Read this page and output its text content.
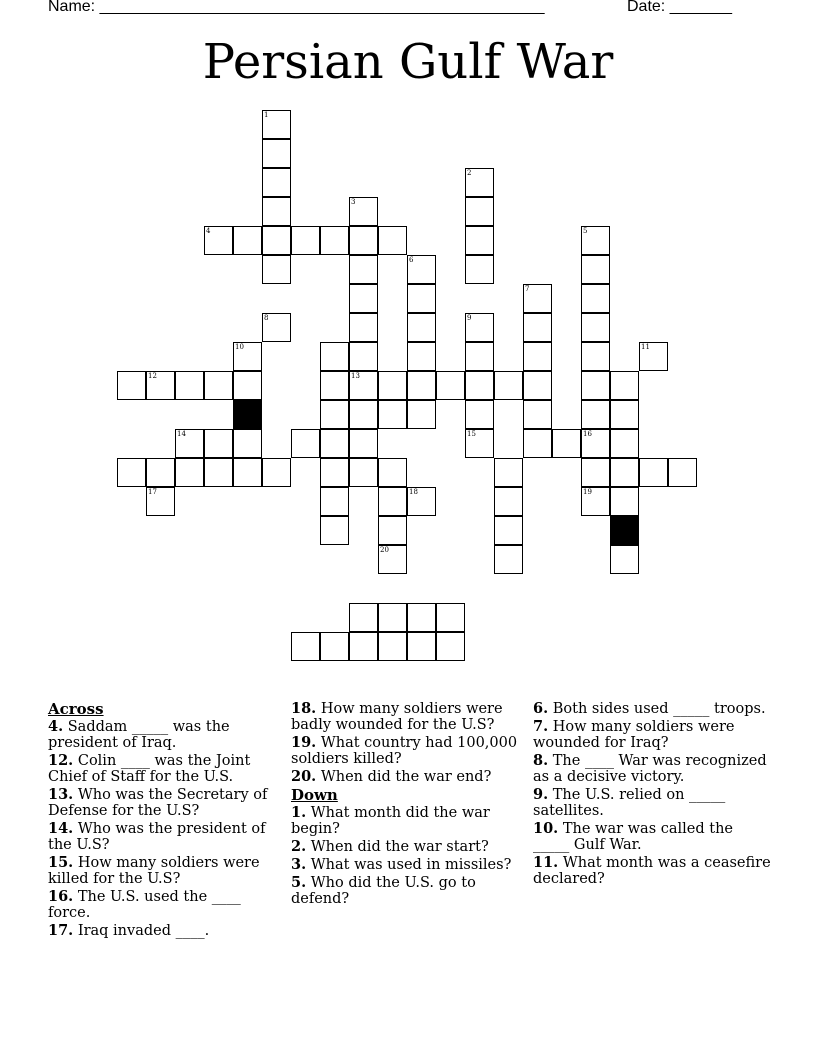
Name: __________________________________________________	Date: _______
Persian Gulf War
1
2
3
13
4	5
16
19
6
7
9
15
12
14
8
10	11
17	18
20
Across
4. Saddam _____ was the president of Iraq.
12. Colin ____ was the Joint Chief of Staff for the U.S.
13. Who was the Secretary of Defense for the U.S?
14. Who was the president of the U.S?
15. How many soldiers were killed for the U.S?
16. The U.S. used the ____ force.
17. Iraq invaded ____.
18. How many soldiers were badly wounded for the U.S?
19. What country had 100,000 soldiers killed?
20. When did the war end?
Down
1. What month did the war begin?
2. When did the war start?
3. What was used in missiles?
5. Who did the U.S. go to defend?
6. Both sides used _____ troops.
7. How many soldiers were wounded for Iraq?
8. The ____ War was recognized as a decisive victory.
9. The U.S. relied on _____ satellites.
10. The war was called the _____ Gulf War.
11. What month was a ceasefire declared?
